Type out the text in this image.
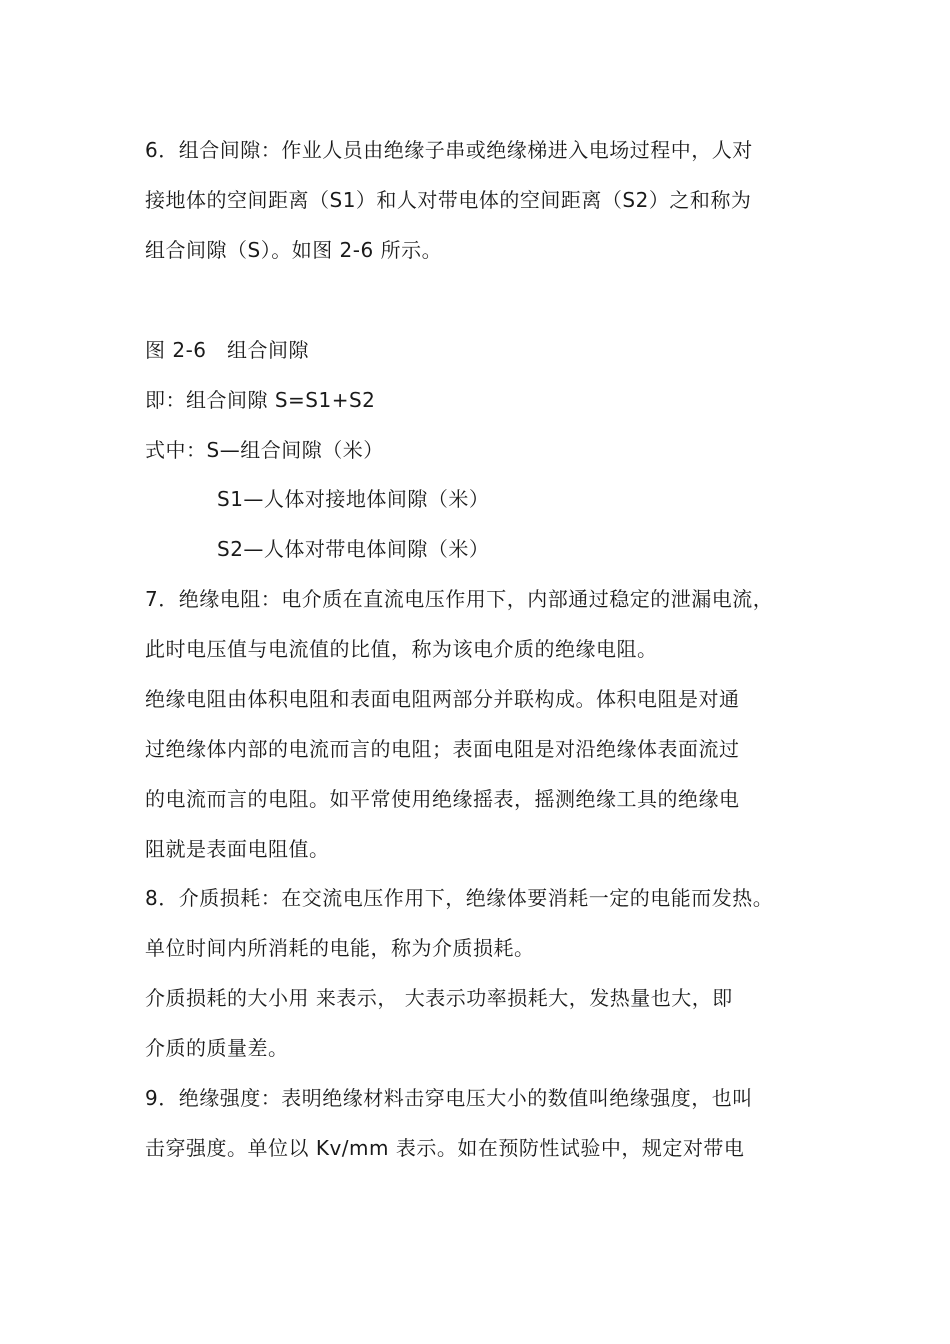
6．组合间隙：作业人员由绝缘子串或绝缘梯进入电场过程中，人对
接地体的空间距离（S1）和人对带电体的空间距离（S2）之和称为
组合间隙（S）。如图 2-6 所示。
图 2-6　组合间隙
即：组合间隙 S=S1+S2
式中：S—组合间隙（米）
S1—人体对接地体间隙（米）
S2—人体对带电体间隙（米）
7．绝缘电阻：电介质在直流电压作用下，内部通过稳定的泄漏电流，
此时电压值与电流值的比值，称为该电介质的绝缘电阻。
绝缘电阻由体积电阻和表面电阻两部分并联构成。体积电阻是对通
过绝缘体内部的电流而言的电阻；表面电阻是对沿绝缘体表面流过
的电流而言的电阻。如平常使用绝缘摇表，摇测绝缘工具的绝缘电
阻就是表面电阻值。
8．介质损耗：在交流电压作用下，绝缘体要消耗一定的电能而发热。
单位时间内所消耗的电能，称为介质损耗。
介质损耗的大小用 来表示， 大表示功率损耗大，发热量也大，即
介质的质量差。
9．绝缘强度：表明绝缘材料击穿电压大小的数值叫绝缘强度，也叫
击穿强度。单位以 Kv/mm 表示。如在预防性试验中，规定对带电
